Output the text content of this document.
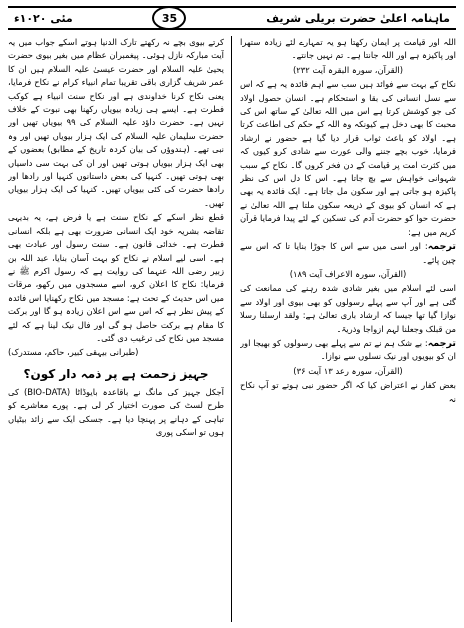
مئی ۱۰۲۰ء	35	ماہنامہ اعلیٰ حضرت بریلی شریف

اللہ اور قیامت پر ایمان رکھتا ہو یہ تمہارے لئے زیادہ ستھرا اور پاکیزہ ہے اور اللہ جانتا ہے۔ تم نہیں جانتے۔

(القرآن، سورہ البقرہ آیت ۲۳۲)

نکاح کے بہت سے فوائد ہیں سب سے اہم فائدہ یہ ہے کہ اس سے نسل انسانی کی بقا و استحکام ہے۔ انسان حصول اولاد کی جو کوشش کرتا ہے اس میں اللہ تعالیٰ کے ساتھ اس کی محبت کا بھی دخل ہے کیونکہ وہ اللہ کے حکم کی اطاعت کرتا ہے۔ اولاد کو باعث ثواب قرار دیا گیا ہے حضور نے ارشاد فرمایا، خوب بچے جننے والی عورت سے شادی کرو کیوں کہ میں کثرت امت پر قیامت کے دن فخر کروں گا۔ نکاح کے سبب شہوانی خواہش سے بچ جاتا ہے۔ اس کا دل اس کی نظر پاکیزہ ہو جاتی ہے اور سکون مل جاتا ہے۔ ایک فائدہ یہ بھی ہے کہ انسان کو بیوی کے ذریعہ سکون ملتا ہے اللہ تعالیٰ نے حضرت حوا کو حضرت آدم کی تسکین کے لئے پیدا فرمایا قرآن کریم میں ہے:

ترجمہ: اور اسی میں سے اس کا جوڑا بنایا تا کہ اس سے چین پائے۔

(القرآن، سورہ الاعراف آیت ۱۸۹)

اسی لئے اسلام میں بغیر شادی شدہ رہنے کی ممانعت کی گئی ہے اور آپ سے پہلے رسولوں کو بھی بیوی اور اولاد سے نوازا گیا تھا جیسا کہ ارشاد باری تعالیٰ ہے: ولقد ارسلنا رسلا من قبلک وجعلنا لہم ازواجا وذریۃ۔

ترجمہ: بے شک ہم نے تم سے پہلے بھی رسولوں کو بھیجا اور ان کو بیویوں اور نیک نسلوں سے نوازا۔

(القرآن، سورہ رعد ۱۳ آیت ۳۶)

بعض کفار نے اعتراض کیا کہ اگر حضور نبی ہوتے تو آپ نکاح نہ

کرتے بیوی بچے نہ رکھتے تارک الدنیا ہوتے اسکے جواب میں یہ آیت مبارکہ نازل ہوئی۔ پیغمبران عظام میں بغیر بیوی حضرت یحییٰ علیہ السلام اور حضرت عیسیٰ علیہ السلام ہیں ان کا عمر شریف گزاری باقی تقریبا تمام انبیاء کرام نے نکاح فرمایا، یعنی نکاح کرنا خداوندی ہے اور نکاح سنت انبیاء ہے کوکب فطرت ہے۔ ایسے ہی زیادہ بیویاں رکھنا بھی نبوت کے خلاف نہیں ہے۔ حضرت داؤد علیہ السلام کی ۹۹ بیویاں تھیں اور حضرت سلیمان علیہ السلام کی ایک ہزار بیویاں تھیں اور وہ نبی تھے۔ (ہندوؤں کی بیان کردہ تاریخ کے مطابق) بعضوں کے بھی ایک ہزار بیویاں ہوتی تھیں اور ان کی بہت سی داسیاں بھی ہوتی تھیں۔ کنہیا کی بعض داستانوں کنہیا اور رادھا اور رادھا حضرت کی کئی بیویاں تھیں۔ کنہیا کی ایک ہزار بیویاں تھیں۔

قطع نظر اسکے کے نکاح سنت ہے یا فرض ہے، یہ بدیہی تقاضہ بشریہ خود ایک انسانی ضرورت بھی ہے بلکہ انسانی فطرت ہے۔ خدائی قانون ہے۔ سنت رسول اور عبادت بھی ہے۔ اسی لیے اسلام نے نکاح کو بہت آسان بنایا، عبد اللہ بن زبیر رضی اللہ عنہما کی روایت ہے کہ رسول اکرم ﷺ نے فرمایا: نکاح کا اعلان کرو، اسے مسجدوں میں رکھو، مرقات میں اس حدیث کے تحت ہے: مسجد میں نکاح رکھنایا اس فائدہ کے پیش نظر ہے کہ اس سے اس اعلان زیادہ ہو گا اور برکت کا مقام ہے برکت حاصل ہو گی اور فال نیک لینا ہے کہ لئے مسجد میں نکاح کی ترغیب دی گئی۔

(طبرانی بیہقی کبیر، حاکم، مستدرک)

جہیز زحمت ہے پر ذمہ دار کون؟

آجکل جہیز کی مانگ نے باقاعدہ بایوڈاٹا (BIO-DATA) کی طرح لسٹ کی صورت اختیار کر لی ہے۔ پورے معاشرے کو تباہی کے دہانے پر پہنچا دیا ہے۔ جسکی ایک سے زائد بیٹیاں ہوں تو اسکی پوری
